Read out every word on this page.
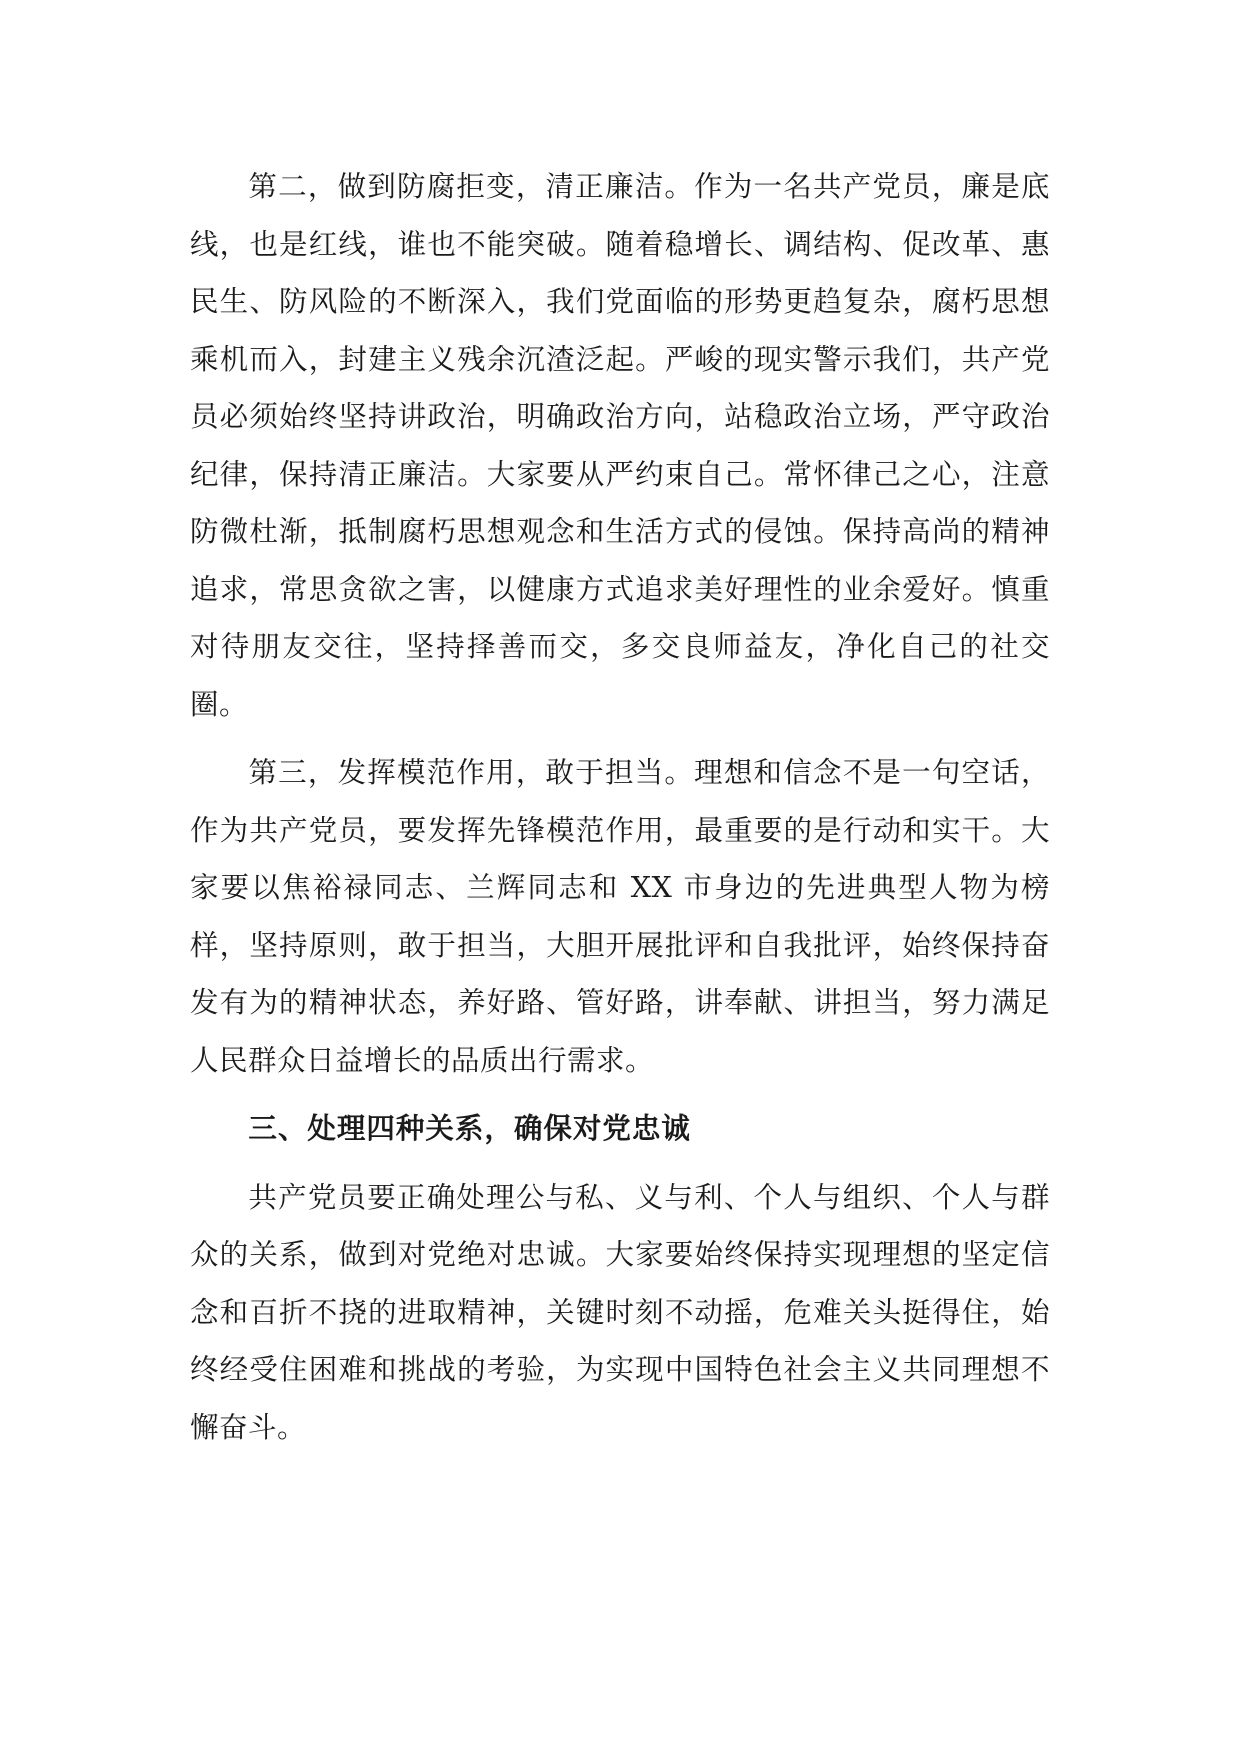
第二，做到防腐拒变，清正廉洁。作为一名共产党员，廉是底线，也是红线，谁也不能突破。随着稳增长、调结构、促改革、惠民生、防风险的不断深入，我们党面临的形势更趋复杂，腐朽思想乘机而入，封建主义残余沉渣泛起。严峻的现实警示我们，共产党员必须始终坚持讲政治，明确政治方向，站稳政治立场，严守政治纪律，保持清正廉洁。大家要从严约束自己。常怀律己之心，注意防微杜渐，抵制腐朽思想观念和生活方式的侵蚀。保持高尚的精神追求，常思贪欲之害，以健康方式追求美好理性的业余爱好。慎重对待朋友交往，坚持择善而交，多交良师益友，净化自己的社交圈。

第三，发挥模范作用，敢于担当。理想和信念不是一句空话，作为共产党员，要发挥先锋模范作用，最重要的是行动和实干。大家要以焦裕禄同志、兰辉同志和 XX 市身边的先进典型人物为榜样，坚持原则，敢于担当，大胆开展批评和自我批评，始终保持奋发有为的精神状态，养好路、管好路，讲奉献、讲担当，努力满足人民群众日益增长的品质出行需求。

三、处理四种关系，确保对党忠诚

共产党员要正确处理公与私、义与利、个人与组织、个人与群众的关系，做到对党绝对忠诚。大家要始终保持实现理想的坚定信念和百折不挠的进取精神，关键时刻不动摇，危难关头挺得住，始终经受住困难和挑战的考验，为实现中国特色社会主义共同理想不懈奋斗。
